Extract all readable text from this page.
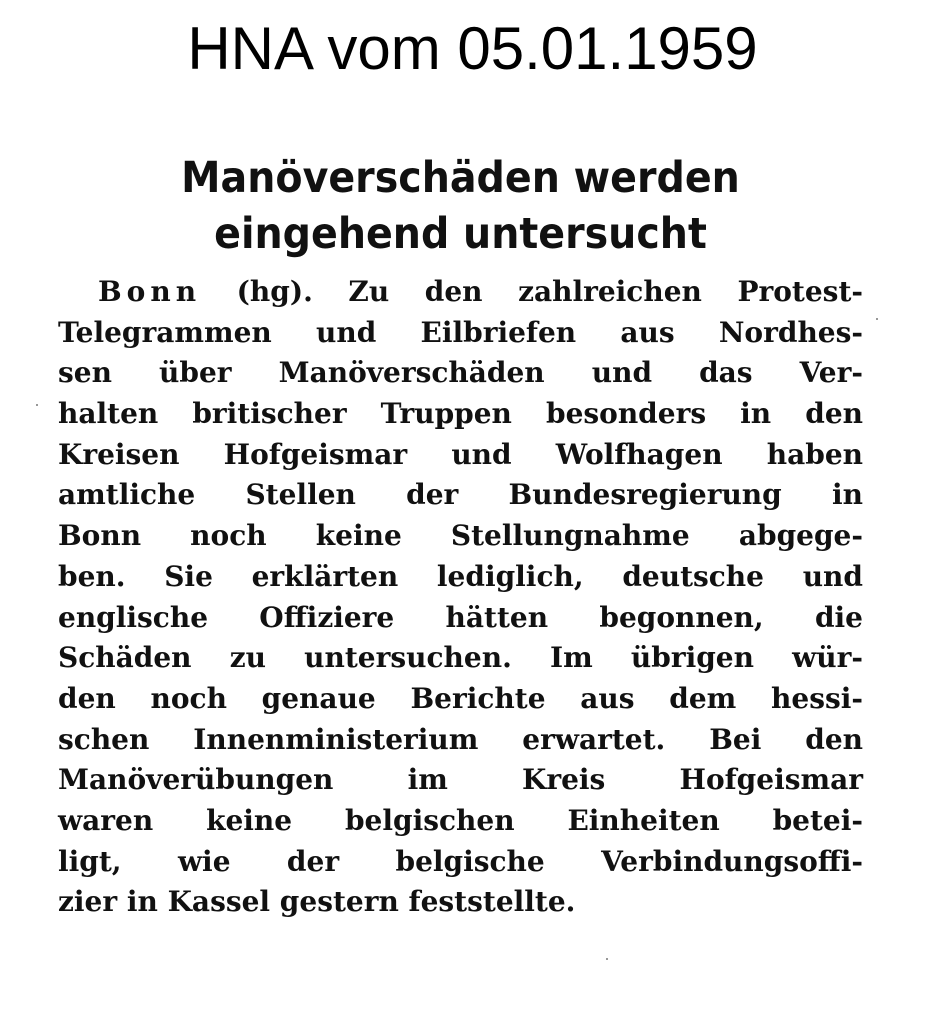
HNA vom 05.01.1959
Manöverschäden werden
eingehend untersucht
Bonn (hg). Zu den zahlreichen Protest-
Telegrammen und Eilbriefen aus Nordhes-
sen über Manöverschäden und das Ver-
halten britischer Truppen besonders in den
Kreisen Hofgeismar und Wolfhagen haben
amtliche Stellen der Bundesregierung in
Bonn noch keine Stellungnahme abgege-
ben. Sie erklärten lediglich, deutsche und
englische Offiziere hätten begonnen, die
Schäden zu untersuchen. Im übrigen wür-
den noch genaue Berichte aus dem hessi-
schen Innenministerium erwartet. Bei den
Manöverübungen im Kreis Hofgeismar
waren keine belgischen Einheiten betei-
ligt, wie der belgische Verbindungsoffi-
zier in Kassel gestern feststellte.
